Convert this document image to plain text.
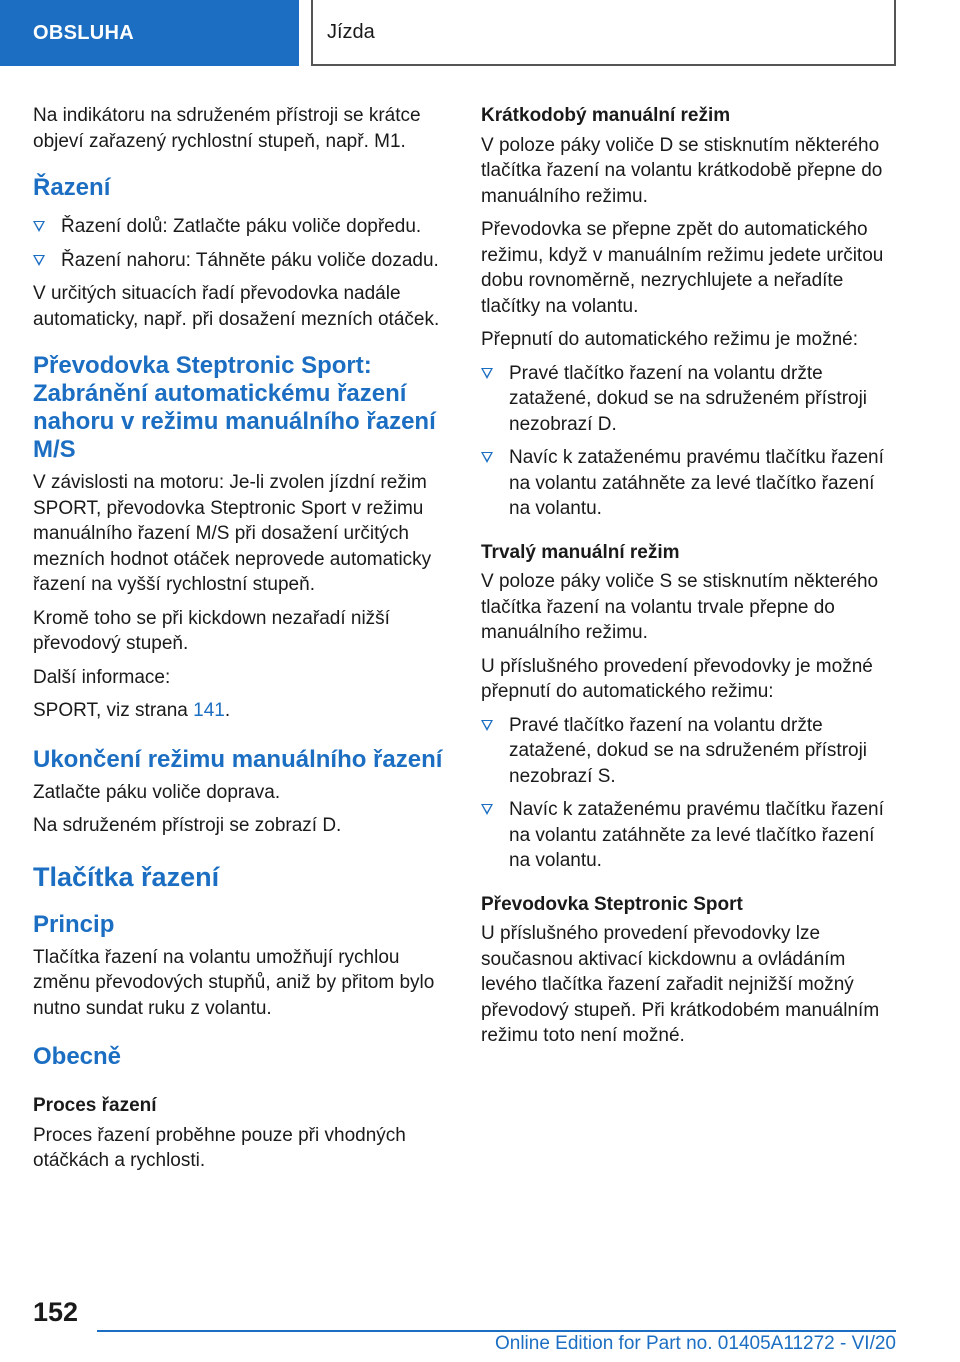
OBSLUHA	Jízda

Na indikátoru na sdruženém přístroji se krátce objeví zařazený rychlostní stupeň, např. M1.

Řazení
Řazení dolů: Zatlačte páku voliče dopředu.
Řazení nahoru: Táhněte páku voliče dozadu.

V určitých situacích řadí převodovka nadále automaticky, např. při dosažení mezních otáček.

Převodovka Steptronic Sport: Zabránění automatickému řazení nahoru v režimu manuálního řazení M/S

V závislosti na motoru: Je-li zvolen jízdní režim SPORT, převodovka Steptronic Sport v režimu manuálního řazení M/S při dosažení určitých mezních hodnot otáček neprovede automaticky řazení na vyšší rychlostní stupeň.

Kromě toho se při kickdown nezařadí nižší převodový stupeň.

Další informace:

SPORT, viz strana 141.

Ukončení režimu manuálního řazení

Zatlačte páku voliče doprava.

Na sdruženém přístroji se zobrazí D.

Tlačítka řazení
Princip

Tlačítka řazení na volantu umožňují rychlou změnu převodových stupňů, aniž by přitom bylo nutno sundat ruku z volantu.

Obecně
Proces řazení

Proces řazení proběhne pouze při vhodných otáčkách a rychlosti.

Krátkodobý manuální režim

V poloze páky voliče D se stisknutím některého tlačítka řazení na volantu krátkodobě přepne do manuálního režimu.

Převodovka se přepne zpět do automatického režimu, když v manuálním režimu jedete určitou dobu rovnoměrně, nezrychlujete a neřadíte tlačítky na volantu.

Přepnutí do automatického režimu je možné:

Pravé tlačítko řazení na volantu držte zatažené, dokud se na sdruženém přístroji nezobrazí D.
Navíc k zataženému pravému tlačítku řazení na volantu zatáhněte za levé tlačítko řazení na volantu.
Trvalý manuální režim

V poloze páky voliče S se stisknutím některého tlačítka řazení na volantu trvale přepne do manuálního režimu.

U příslušného provedení převodovky je možné přepnutí do automatického režimu:

Pravé tlačítko řazení na volantu držte zatažené, dokud se na sdruženém přístroji nezobrazí S.
Navíc k zataženému pravému tlačítku řazení na volantu zatáhněte za levé tlačítko řazení na volantu.
Převodovka Steptronic Sport

U příslušného provedení převodovky lze současnou aktivací kickdownu a ovládáním levého tlačítka řazení zařadit nejnižší možný převodový stupeň. Při krátkodobém manuálním režimu toto není možné.

152
Online Edition for Part no. 01405A11272 - VI/20
